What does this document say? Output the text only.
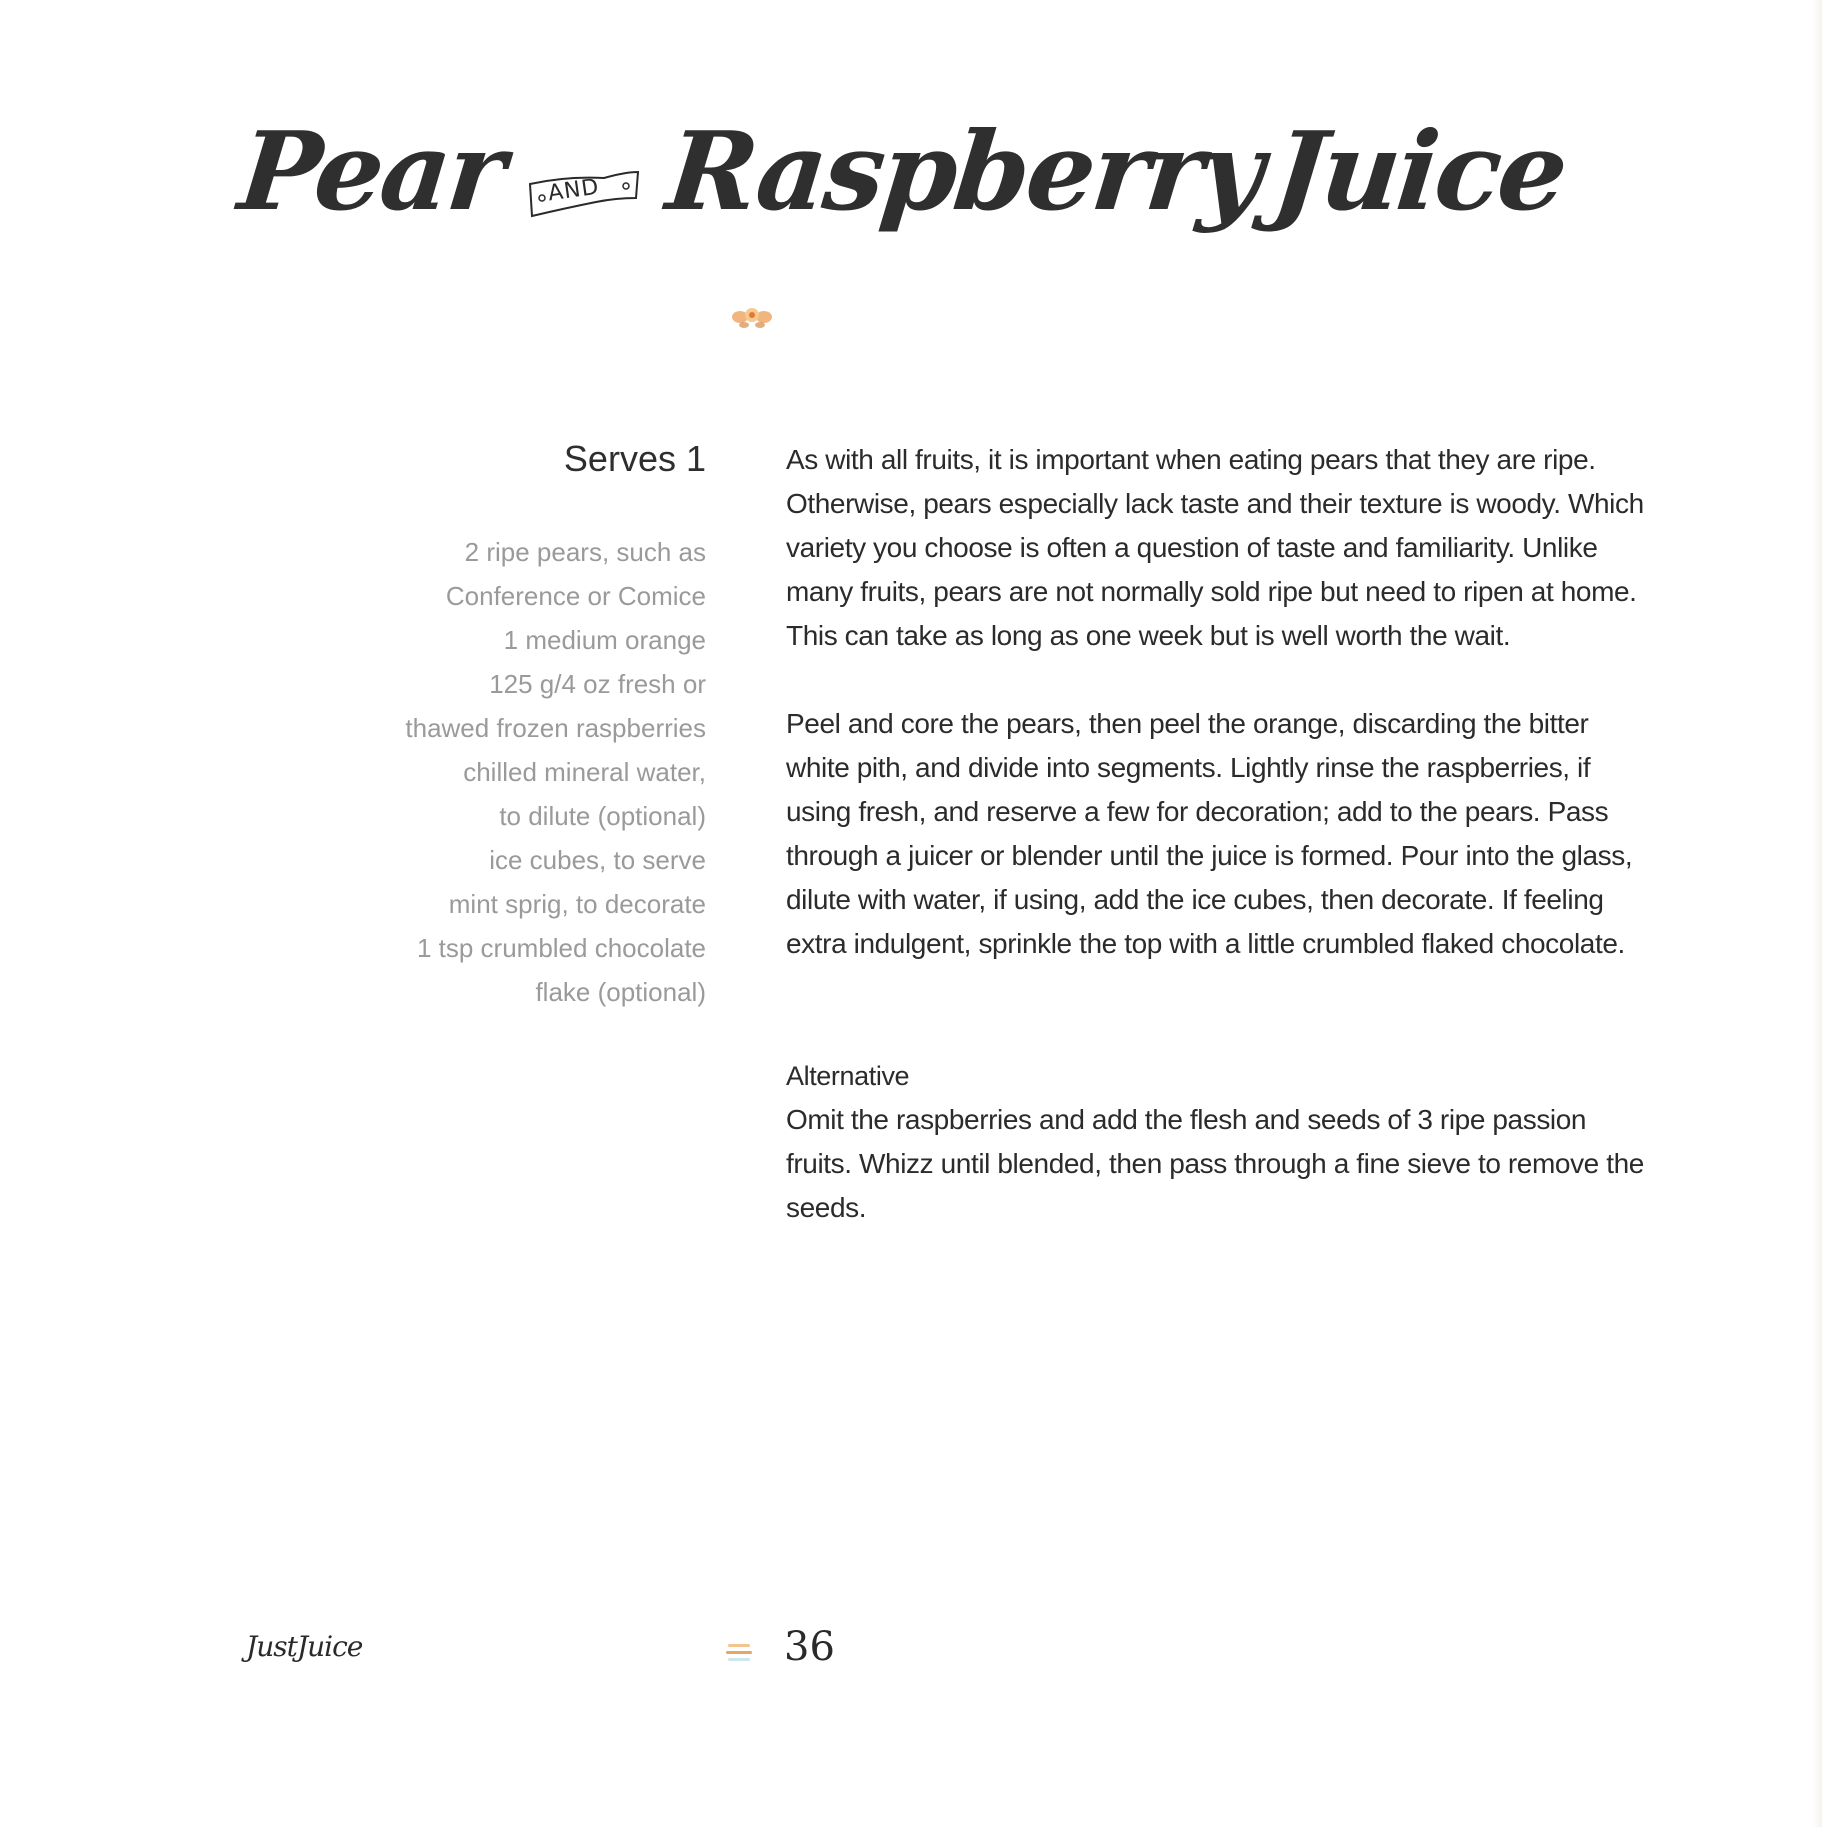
Pear AND Raspberry Juice
Serves 1
2 ripe pears, such as
Conference or Comice
1 medium orange
125 g/4 oz fresh or
thawed frozen raspberries
chilled mineral water,
to dilute (optional)
ice cubes, to serve
mint sprig, to decorate
1 tsp crumbled chocolate
flake (optional)

As with all fruits, it is important when eating pears that they are ripe. Otherwise, pears especially lack taste and their texture is woody. Which variety you choose is often a question of taste and familiarity. Unlike many fruits, pears are not normally sold ripe but need to ripen at home. This can take as long as one week but is well worth the wait.

Peel and core the pears, then peel the orange, discarding the bitter white pith, and divide into segments. Lightly rinse the raspberries, if using fresh, and reserve a few for decoration; add to the pears. Pass through a juicer or blender until the juice is formed. Pour into the glass, dilute with water, if using, add the ice cubes, then decorate. If feeling extra indulgent, sprinkle the top with a little crumbled flaked chocolate.

Alternative

Omit the raspberries and add the flesh and seeds of 3 ripe passion fruits. Whizz until blended, then pass through a fine sieve to remove the seeds.

JustJuice	36
